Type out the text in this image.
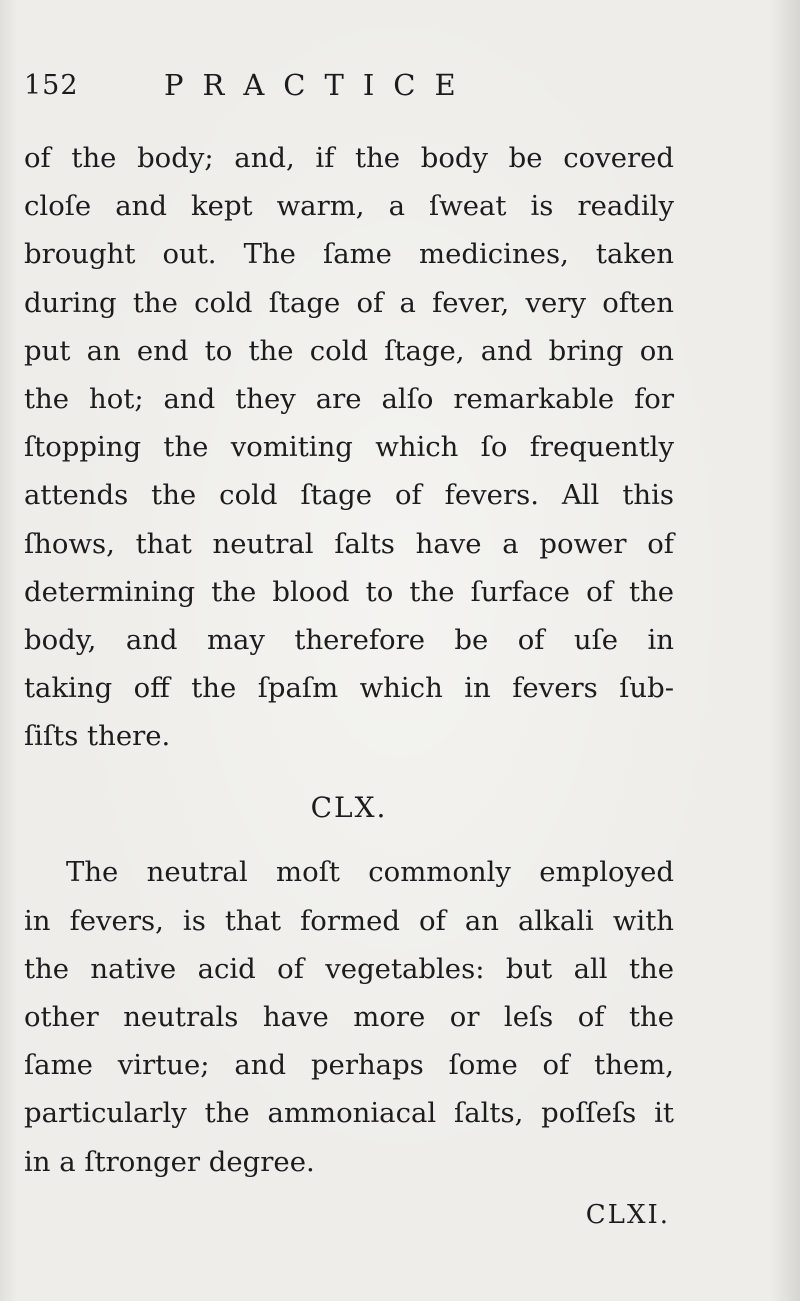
152	PRACTICE
of the body; and, if the body be covered
cloſe and kept warm, a ſweat is readily
brought out. The ſame medicines, taken
during the cold ſtage of a fever, very often
put an end to the cold ſtage, and bring on
the hot; and they are alſo remarkable for
ſtopping the vomiting which ſo frequently
attends the cold ſtage of fevers. All this
ſhows, that neutral ſalts have a power of
determining the blood to the ſurface of the
body, and may therefore be of uſe in
taking off the ſpaſm which in fevers ſub-
ſiſts there.
CLX.
The neutral moſt commonly employed
in fevers, is that formed of an alkali with
the native acid of vegetables: but all the
other neutrals have more or leſs of the
ſame virtue; and perhaps ſome of them,
particularly the ammoniacal ſalts, poſſeſs it
in a ſtronger degree.
CLXI.
